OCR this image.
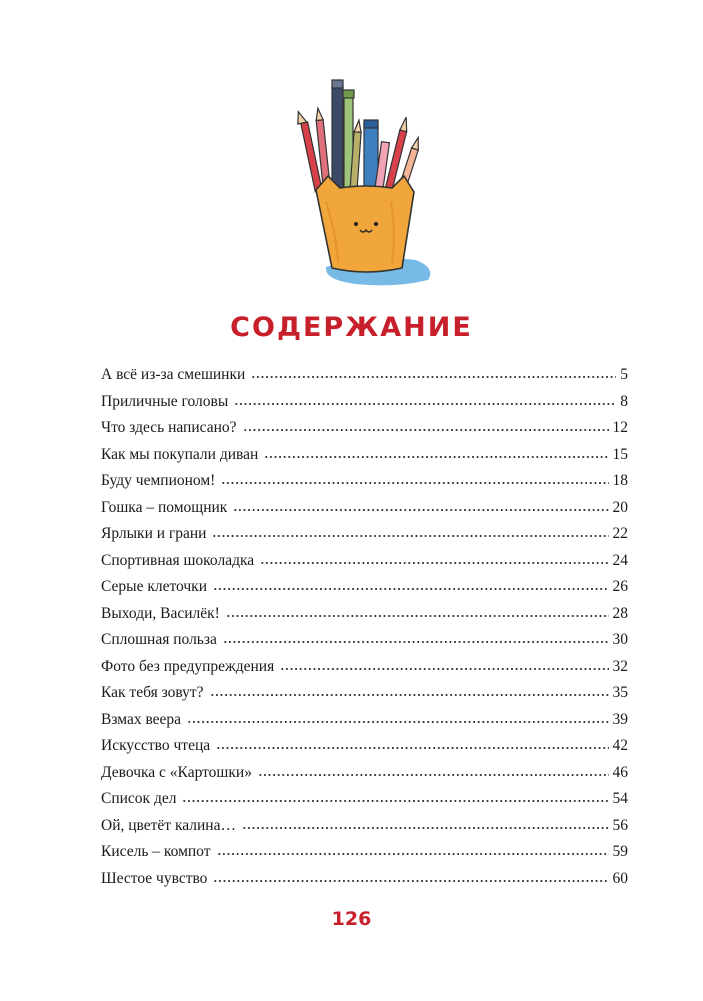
СОДЕРЖАНИЕ
А всё из-за смешинки	5
Приличные головы	8
Что здесь написано?	12
Как мы покупали диван	15
Буду чемпионом!	18
Гошка – помощник	20
Ярлыки и грани	22
Спортивная шоколадка	24
Серые клеточки	26
Выходи, Василёк!	28
Сплошная польза	30
Фото без предупреждения	32
Как тебя зовут?	35
Взмах веера	39
Искусство чтеца	42
Девочка с «Картошки»	46
Список дел	54
Ой, цветёт калина…	56
Кисель – компот	59
Шестое чувство	60
126
